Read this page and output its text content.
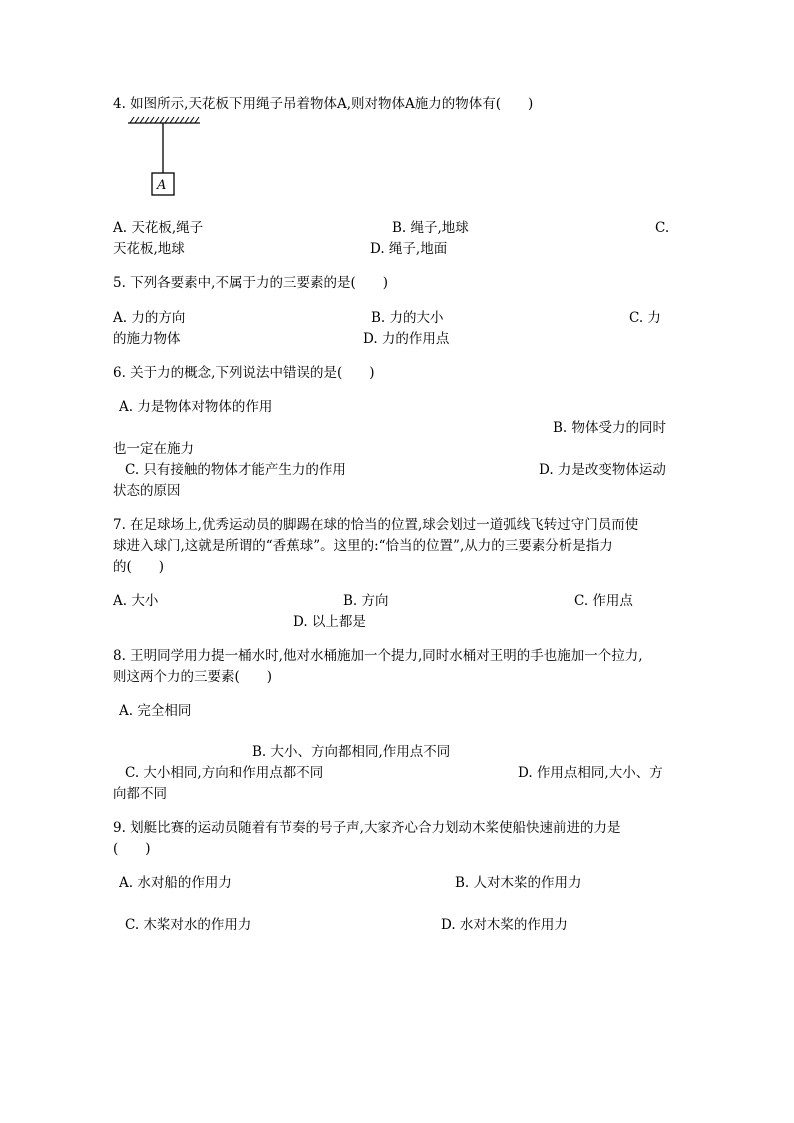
4. 如图所示,天花板下用绳子吊着物体A,则对物体A施力的物体有(　　)
A
A. 天花板,绳子	B. 绳子,地球	C.
天花板,地球	D. 绳子,地面
5. 下列各要素中,不属于力的三要素的是(　　)
A. 力的方向	B. 力的大小	C. 力
的施力物体	D. 力的作用点
6. 关于力的概念,下列说法中错误的是(　　)
A. 力是物体对物体的作用
B. 物体受力的同时
也一定在施力
C. 只有接触的物体才能产生力的作用	D. 力是改变物体运动
状态的原因
7. 在足球场上,优秀运动员的脚踢在球的恰当的位置,球会划过一道弧线飞转过守门员而使
球进入球门,这就是所谓的“香蕉球”。这里的:“恰当的位置”,从力的三要素分析是指力
的(　　)
A. 大小	B. 方向	C. 作用点
D. 以上都是
8. 王明同学用力提一桶水时,他对水桶施加一个提力,同时水桶对王明的手也施加一个拉力,
则这两个力的三要素(　　)
A. 完全相同
B. 大小、方向都相同,作用点不同
C. 大小相同,方向和作用点都不同	D. 作用点相同,大小、方
向都不同
9. 划艇比赛的运动员随着有节奏的号子声,大家齐心合力划动木桨使船快速前进的力是
(　　)
A. 水对船的作用力	B. 人对木桨的作用力
C. 木桨对水的作用力	D. 水对木桨的作用力
